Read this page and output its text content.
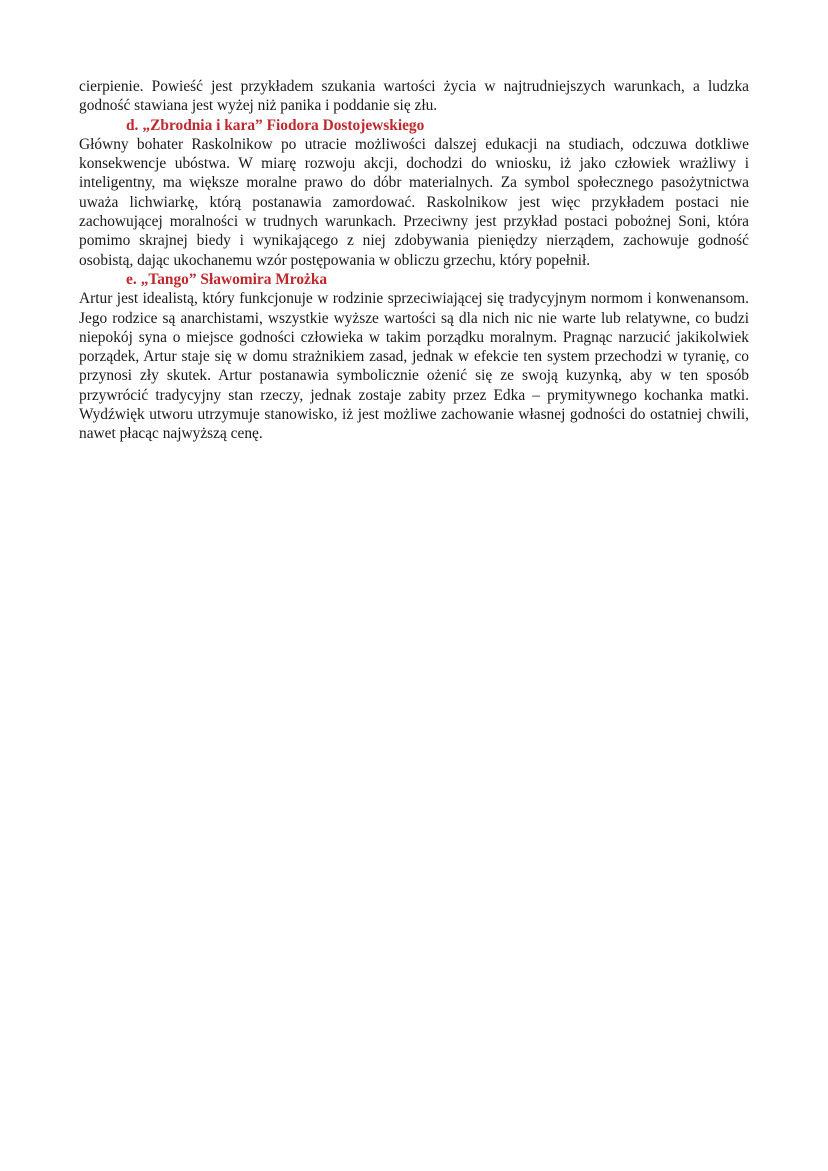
cierpienie. Powieść jest przykładem szukania wartości życia w najtrudniejszych warunkach, a ludzka godność stawiana jest wyżej niż panika i poddanie się złu.

d. „Zbrodnia i kara” Fiodora Dostojewskiego

Główny bohater Raskolnikow po utracie możliwości dalszej edukacji na studiach, odczuwa dotkliwe konsekwencje ubóstwa. W miarę rozwoju akcji, dochodzi do wniosku, iż jako człowiek wrażliwy i inteligentny, ma większe moralne prawo do dóbr materialnych. Za symbol społecznego pasożytnictwa uważa lichwiarkę, którą postanawia zamordować. Raskolnikow jest więc przykładem postaci nie zachowującej moralności w trudnych warunkach. Przeciwny jest przykład postaci pobożnej Soni, która pomimo skrajnej biedy i wynikającego z niej zdobywania pieniędzy nierządem, zachowuje godność osobistą, dając ukochanemu wzór postępowania w obliczu grzechu, który popełnił.

e. „Tango” Sławomira Mrożka

Artur jest idealistą, który funkcjonuje w rodzinie sprzeciwiającej się tradycyjnym normom i konwenansom. Jego rodzice są anarchistami, wszystkie wyższe wartości są dla nich nic nie warte lub relatywne, co budzi niepokój syna o miejsce godności człowieka w takim porządku moralnym. Pragnąc narzucić jakikolwiek porządek, Artur staje się w domu strażnikiem zasad, jednak w efekcie ten system przechodzi w tyranię, co przynosi zły skutek. Artur postanawia symbolicznie ożenić się ze swoją kuzynką, aby w ten sposób przywrócić tradycyjny stan rzeczy, jednak zostaje zabity przez Edka – prymitywnego kochanka matki. Wydźwięk utworu utrzymuje stanowisko, iż jest możliwe zachowanie własnej godności do ostatniej chwili, nawet płacąc najwyższą cenę.
